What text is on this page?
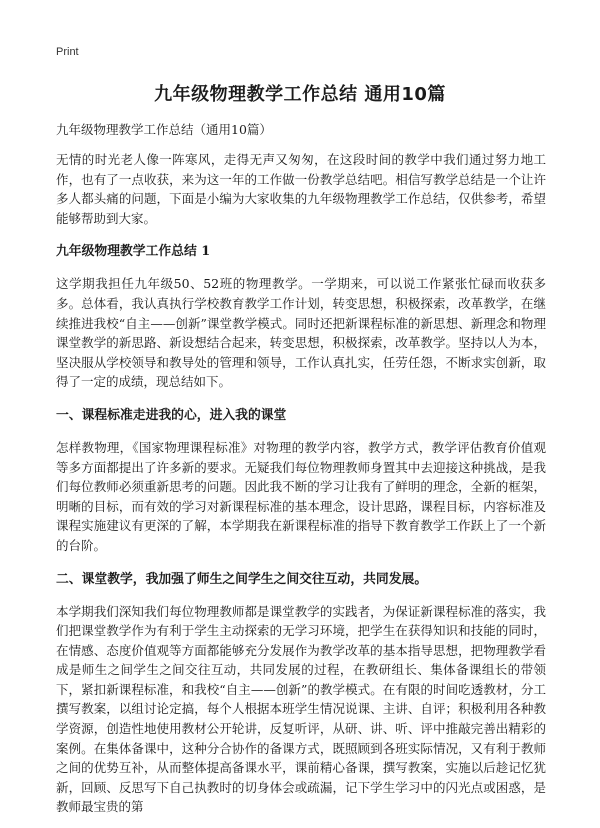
Print
九年级物理教学工作总结 通用10篇
九年级物理教学工作总结（通用10篇）

无情的时光老人像一阵寒风，走得无声又匆匆，在这段时间的教学中我们通过努力地工作，也有了一点收获，来为这一年的工作做一份教学总结吧。相信写教学总结是一个让许多人都头痛的问题，下面是小编为大家收集的九年级物理教学工作总结，仅供参考，希望能够帮助到大家。

九年级物理教学工作总结 1

这学期我担任九年级50、52班的物理教学。一学期来，可以说工作紧张忙碌而收获多多。总体看，我认真执行学校教育教学工作计划，转变思想，积极探索，改革教学，在继续推进我校“自主——创新”课堂教学模式。同时还把新课程标准的新思想、新理念和物理课堂教学的新思路、新设想结合起来，转变思想，积极探索，改革教学。坚持以人为本，坚决服从学校领导和教导处的管理和领导，工作认真扎实，任劳任怨，不断求实创新，取得了一定的成绩，现总结如下。

一、课程标准走进我的心，进入我的课堂

怎样教物理，《国家物理课程标准》对物理的教学内容，教学方式，教学评估教育价值观等多方面都提出了许多新的要求。无疑我们每位物理教师身置其中去迎接这种挑战，是我们每位教师必须重新思考的问题。因此我不断的学习让我有了鲜明的理念，全新的框架，明晰的目标，而有效的学习对新课程标准的基本理念，设计思路，课程目标，内容标准及课程实施建议有更深的了解，本学期我在新课程标准的指导下教育教学工作跃上了一个新的台阶。

二、课堂教学，我加强了师生之间学生之间交往互动，共同发展。

本学期我们深知我们每位物理教师都是课堂教学的实践者，为保证新课程标准的落实，我们把课堂教学作为有利于学生主动探索的无学习环境，把学生在获得知识和技能的同时，在情感、态度价值观等方面都能够充分发展作为教学改革的基本指导思想，把物理教学看成是师生之间学生之间交往互动，共同发展的过程，在教研组长、集体备课组长的带领下，紧扣新课程标准，和我校“自主——创新”的教学模式。在有限的时间吃透教材，分工撰写教案，以组讨论定搞，每个人根据本班学生情况说课、主讲、自评；积极利用各种教学资源，创造性地使用教材公开轮讲，反复听评，从研、讲、听、评中推敲完善出精彩的案例。在集体备课中，这种分合协作的备课方式，既照顾到各班实际情况，又有利于教师之间的优势互补，从而整体提高备课水平，课前精心备课，撰写教案，实施以后趁记忆犹新，回顾、反思写下自己执教时的切身体会或疏漏，记下学生学习中的闪光点或困惑，是教师最宝贵的第
